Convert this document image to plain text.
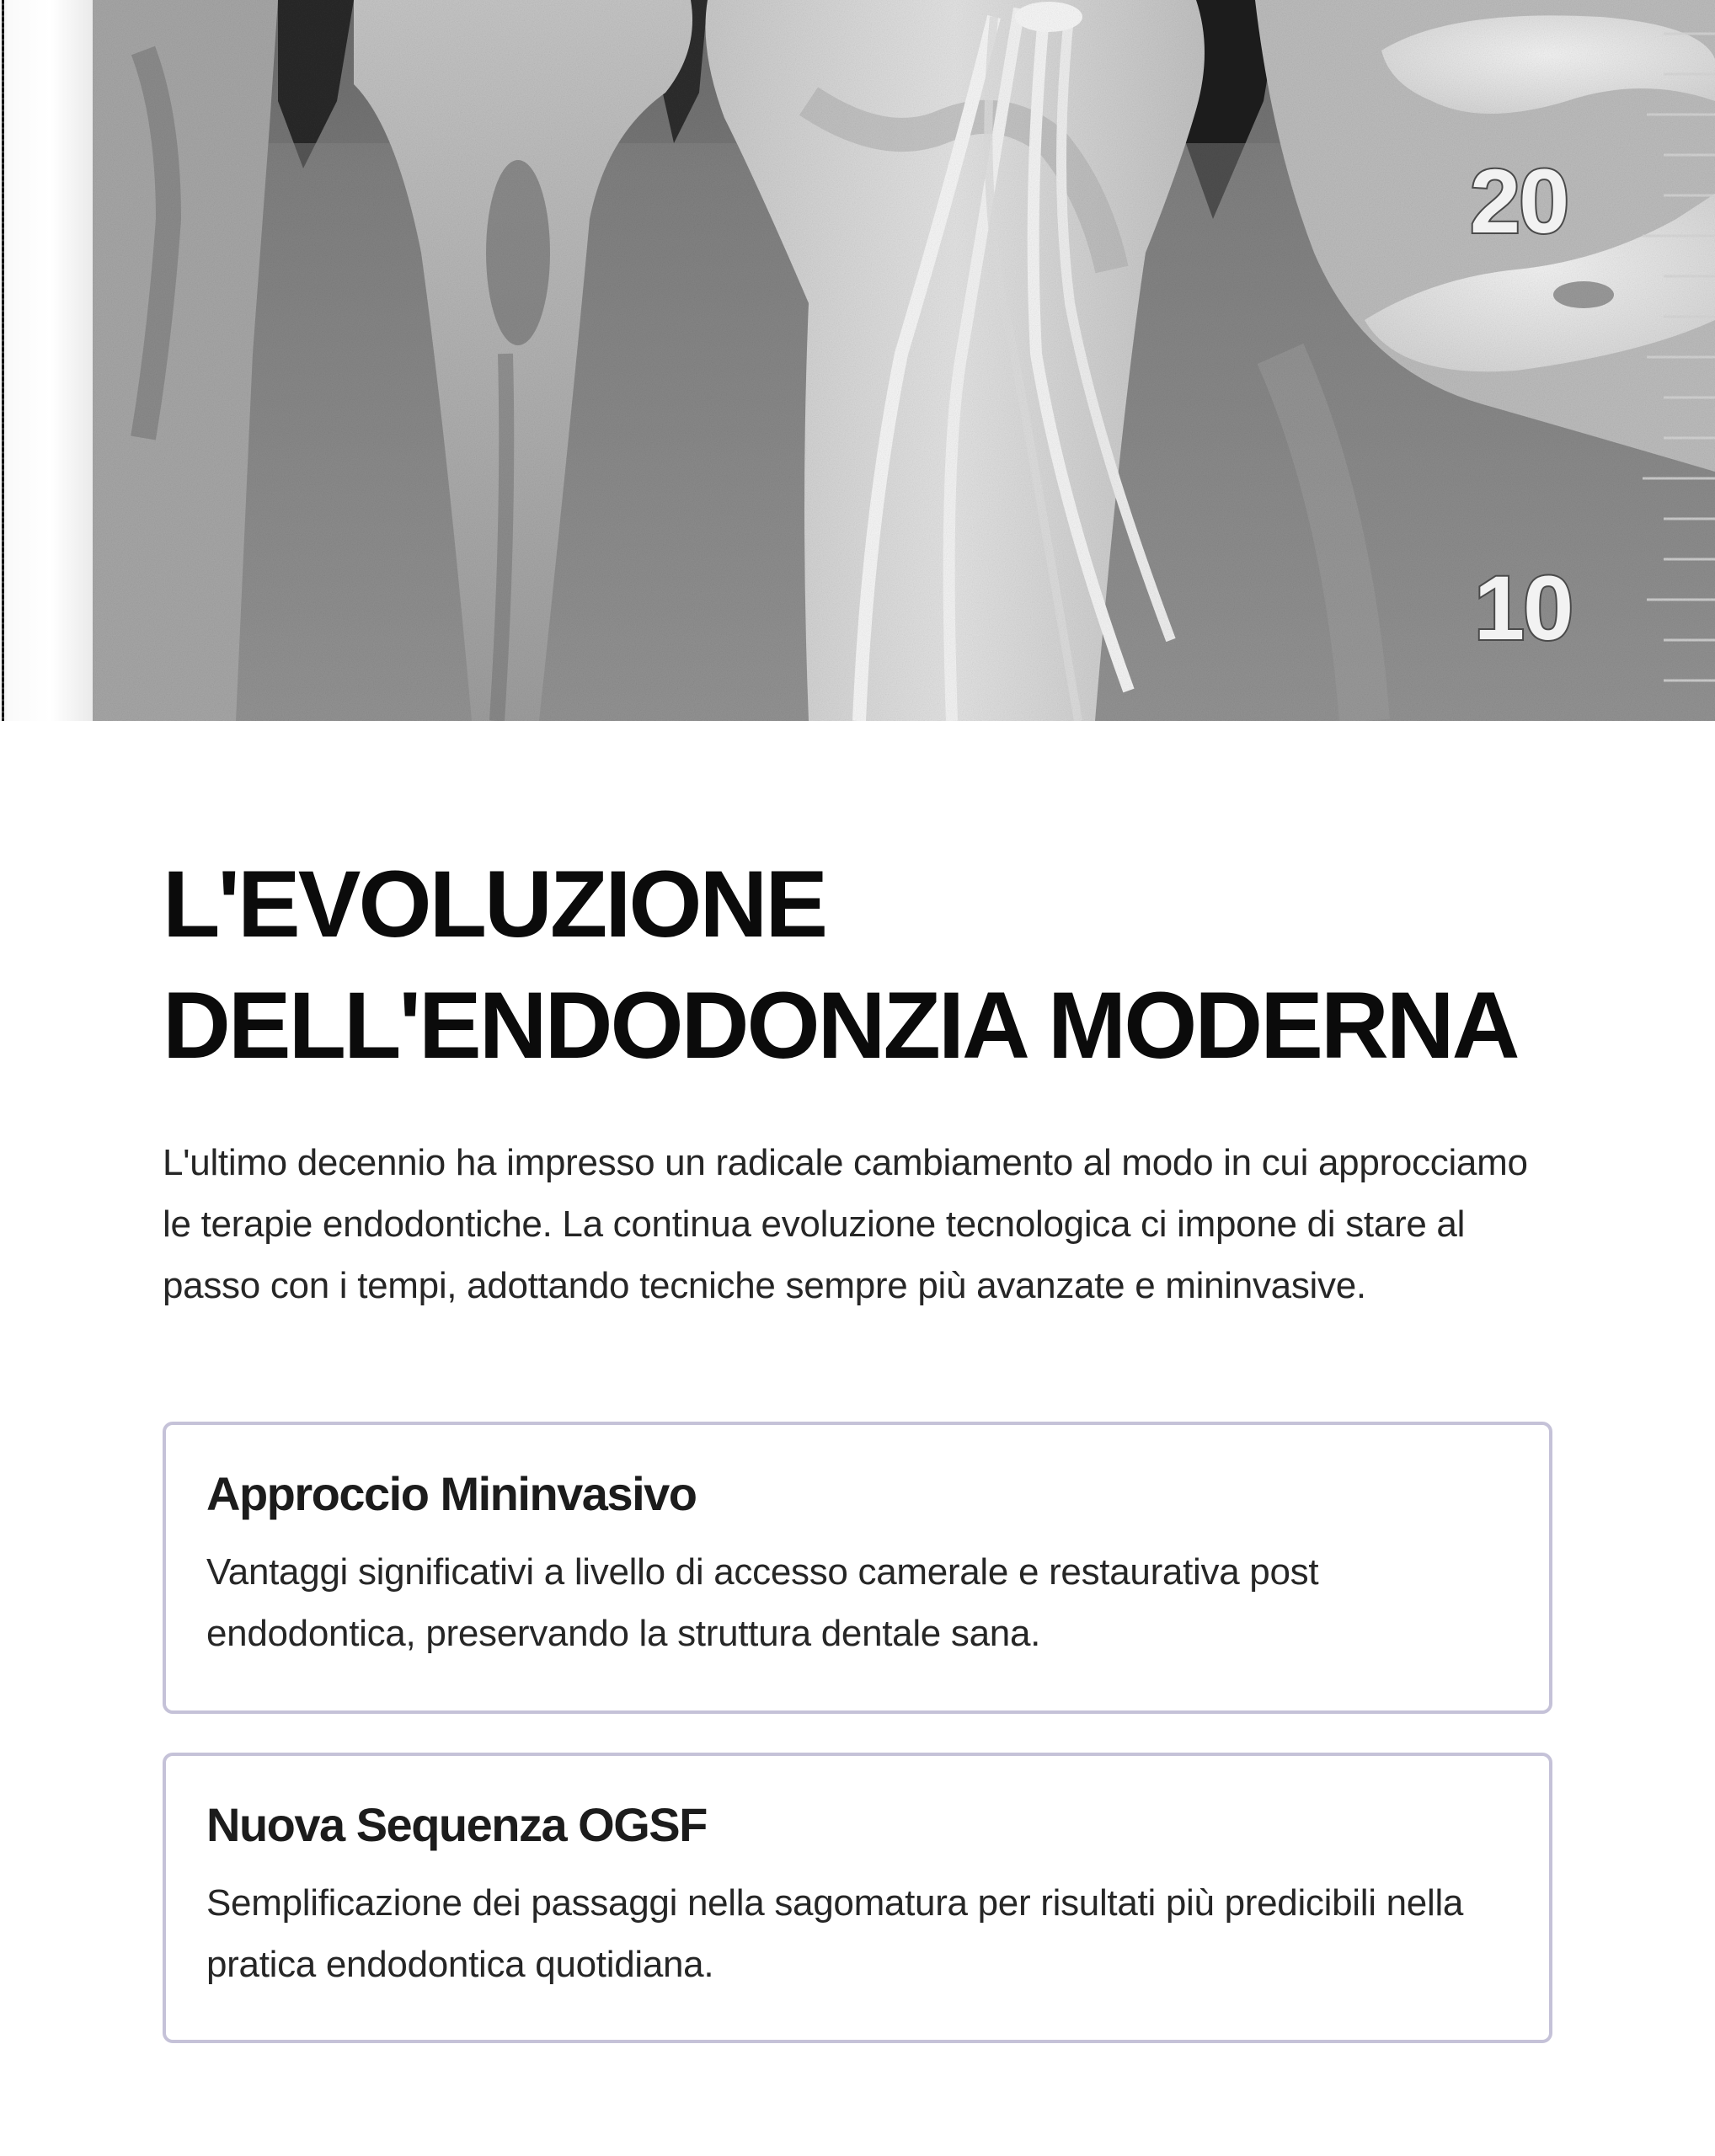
20
10
L'EVOLUZIONE
DELL'ENDODONZIA MODERNA

L'ultimo decennio ha impresso un radicale cambiamento al modo in cui approcciamo le terapie endodontiche. La continua evoluzione tecnologica ci impone di stare al passo con i tempi, adottando tecniche sempre più avanzate e mininvasive.

Approccio Mininvasivo

Vantaggi significativi a livello di accesso camerale e restaurativa post endodontica, preservando la struttura dentale sana.

Nuova Sequenza OGSF

Semplificazione dei passaggi nella sagomatura per risultati più predicibili nella pratica endodontica quotidiana.
